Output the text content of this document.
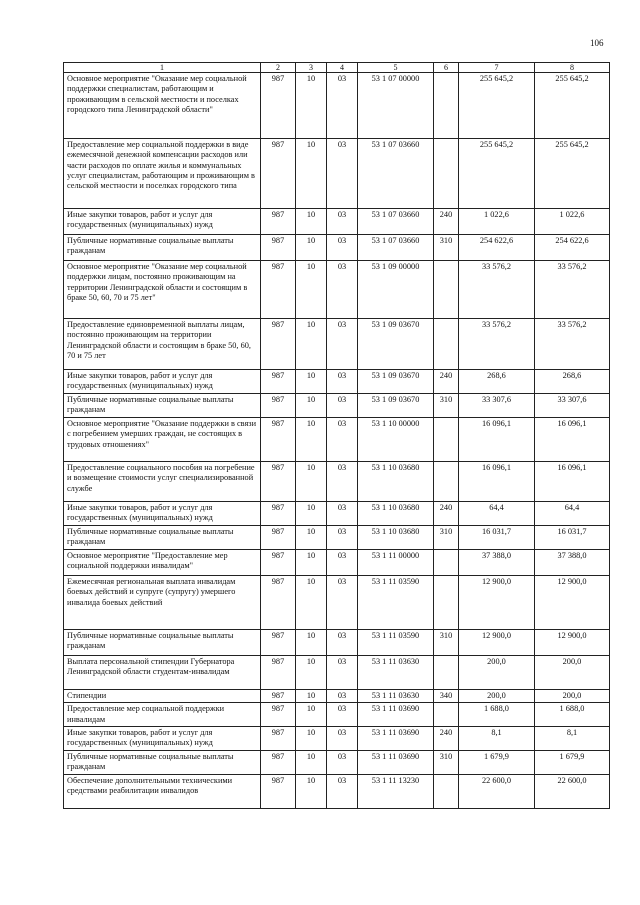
106
1	2	3	4	5	6	7	8
Основное мероприятие "Оказание мер социальной поддержки специалистам, работающим и проживающим в сельской местности и поселках городского типа Ленинградской области"	987	10	03	53 1 07 00000		255 645,2	255 645,2
Предоставление мер социальной поддержки в виде ежемесячной денежной компенсации расходов или части расходов по оплате жилья и коммунальных услуг специалистам, работающим и проживающим в сельской местности и поселках городского типа	987	10	03	53 1 07 03660		255 645,2	255 645,2
Иные закупки товаров, работ и услуг для государственных (муниципальных) нужд	987	10	03	53 1 07 03660	240	1 022,6	1 022,6
Публичные нормативные социальные выплаты гражданам	987	10	03	53 1 07 03660	310	254 622,6	254 622,6
Основное мероприятие "Оказание мер социальной поддержки лицам, постоянно проживающим на территории Ленинградской области и состоящим в браке 50, 60, 70 и 75 лет"	987	10	03	53 1 09 00000		33 576,2	33 576,2
Предоставление единовременной выплаты лицам, постоянно проживающим на территории Ленинградской области и состоящим в браке 50, 60, 70 и 75 лет	987	10	03	53 1 09 03670		33 576,2	33 576,2
Иные закупки товаров, работ и услуг для государственных (муниципальных) нужд	987	10	03	53 1 09 03670	240	268,6	268,6
Публичные нормативные социальные выплаты гражданам	987	10	03	53 1 09 03670	310	33 307,6	33 307,6
Основное мероприятие "Оказание поддержки в связи с погребением умерших граждан, не состоящих в трудовых отношениях"	987	10	03	53 1 10 00000		16 096,1	16 096,1
Предоставление социального пособия на погребение и возмещение стоимости услуг специализированной службе	987	10	03	53 1 10 03680		16 096,1	16 096,1
Иные закупки товаров, работ и услуг для государственных (муниципальных) нужд	987	10	03	53 1 10 03680	240	64,4	64,4
Публичные нормативные социальные выплаты гражданам	987	10	03	53 1 10 03680	310	16 031,7	16 031,7
Основное мероприятие "Предоставление мер социальной поддержки инвалидам"	987	10	03	53 1 11 00000		37 388,0	37 388,0
Ежемесячная региональная выплата инвалидам боевых действий и супруге (супругу) умершего инвалида боевых действий	987	10	03	53 1 11 03590		12 900,0	12 900,0
Публичные нормативные социальные выплаты гражданам	987	10	03	53 1 11 03590	310	12 900,0	12 900,0
Выплата персональной стипендии Губернатора Ленинградской области студентам-инвалидам	987	10	03	53 1 11 03630		200,0	200,0
Стипендии	987	10	03	53 1 11 03630	340	200,0	200,0
Предоставление мер социальной поддержки инвалидам	987	10	03	53 1 11 03690		1 688,0	1 688,0
Иные закупки товаров, работ и услуг для государственных (муниципальных) нужд	987	10	03	53 1 11 03690	240	8,1	8,1
Публичные нормативные социальные выплаты гражданам	987	10	03	53 1 11 03690	310	1 679,9	1 679,9
Обеспечение дополнительными техническими средствами реабилитации инвалидов	987	10	03	53 1 11 13230		22 600,0	22 600,0
